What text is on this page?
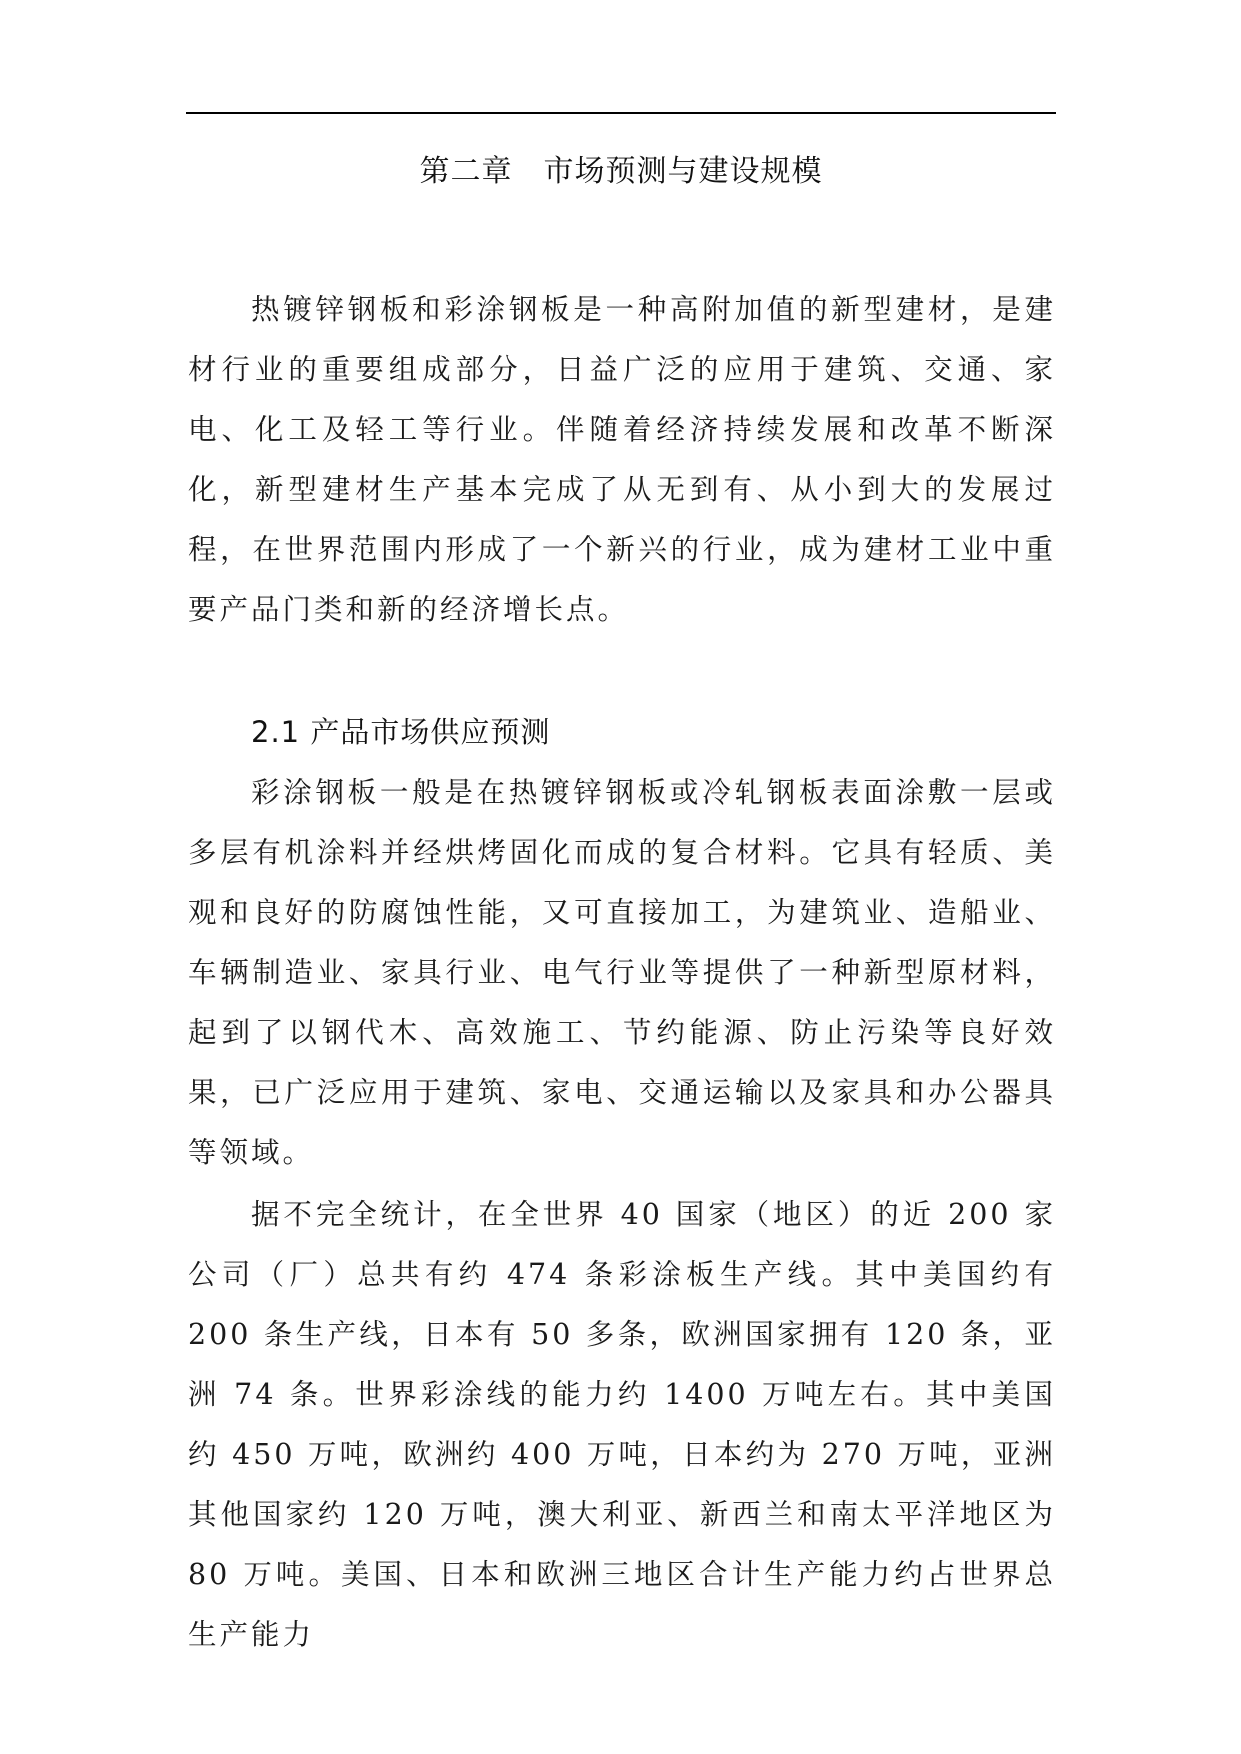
第二章　市场预测与建设规模

热镀锌钢板和彩涂钢板是一种高附加值的新型建材，是建材行业的重要组成部分，日益广泛的应用于建筑、交通、家电、化工及轻工等行业。伴随着经济持续发展和改革不断深化，新型建材生产基本完成了从无到有、从小到大的发展过程，在世界范围内形成了一个新兴的行业，成为建材工业中重要产品门类和新的经济增长点。

2.1 产品市场供应预测

彩涂钢板一般是在热镀锌钢板或冷轧钢板表面涂敷一层或多层有机涂料并经烘烤固化而成的复合材料。它具有轻质、美观和良好的防腐蚀性能，又可直接加工，为建筑业、造船业、车辆制造业、家具行业、电气行业等提供了一种新型原材料，起到了以钢代木、高效施工、节约能源、防止污染等良好效果，已广泛应用于建筑、家电、交通运输以及家具和办公器具等领域。

据不完全统计，在全世界 40 国家（地区）的近 200 家公司（厂）总共有约 474 条彩涂板生产线。其中美国约有 200 条生产线，日本有 50 多条，欧洲国家拥有 120 条，亚洲 74 条。世界彩涂线的能力约 1400 万吨左右。其中美国约 450 万吨，欧洲约 400 万吨，日本约为 270 万吨，亚洲其他国家约 120 万吨，澳大利亚、新西兰和南太平洋地区为 80 万吨。美国、日本和欧洲三地区合计生产能力约占世界总生产能力
